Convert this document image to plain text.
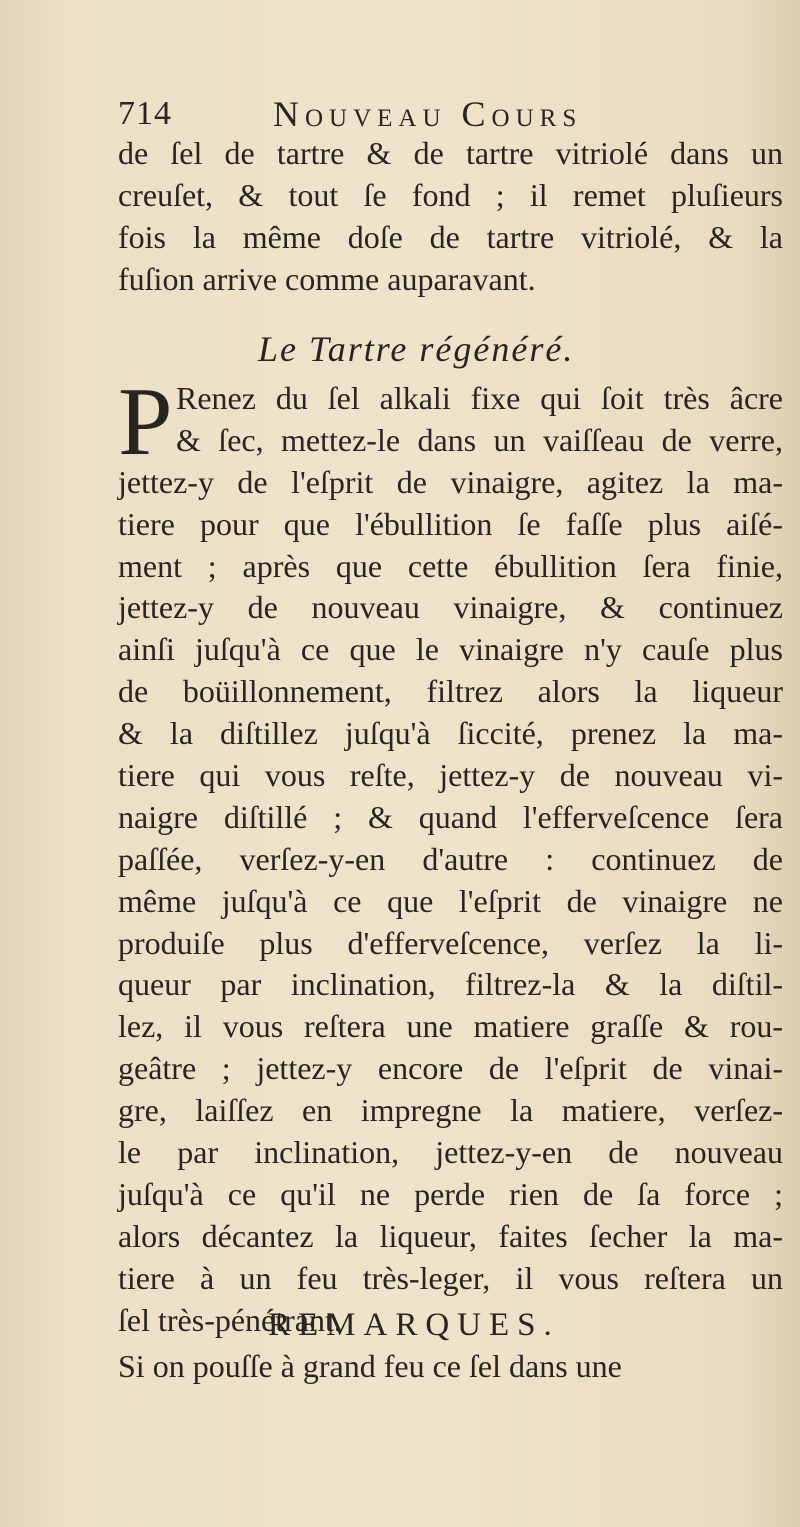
714	Nouveau Cours
de ſel de tartre & de tartre vitriolé dans un
creuſet, & tout ſe fond ; il remet pluſieurs
fois la même doſe de tartre vitriolé, & la
fuſion arrive comme auparavant.
Le Tartre régénéré.
P Renez du ſel alkali fixe qui ſoit très âcre
& ſec, mettez-le dans un vaiſſeau de verre,
jettez-y de l'eſprit de vinaigre, agitez la ma-
tiere pour que l'ébullition ſe faſſe plus aiſé-
ment ; après que cette ébullition ſera finie,
jettez-y de nouveau vinaigre, & continuez
ainſi juſqu'à ce que le vinaigre n'y cauſe plus
de boüillonnement, filtrez alors la liqueur
& la diſtillez juſqu'à ſiccité, prenez la ma-
tiere qui vous reſte, jettez-y de nouveau vi-
naigre diſtillé ; & quand l'efferveſcence ſera
paſſée, verſez-y-en d'autre : continuez de
même juſqu'à ce que l'eſprit de vinaigre ne
produiſe plus d'efferveſcence, verſez la li-
queur par inclination, filtrez-la & la diſtil-
lez, il vous reſtera une matiere graſſe & rou-
geâtre ; jettez-y encore de l'eſprit de vinai-
gre, laiſſez en impregne la matiere, verſez-
le par inclination, jettez-y-en de nouveau
juſqu'à ce qu'il ne perde rien de ſa force ;
alors décantez la liqueur, faites ſecher la ma-
tiere à un feu très-leger, il vous reſtera un
ſel très-pénétrant.
REMARQUES.
Si on pouſſe à grand feu ce ſel dans une
